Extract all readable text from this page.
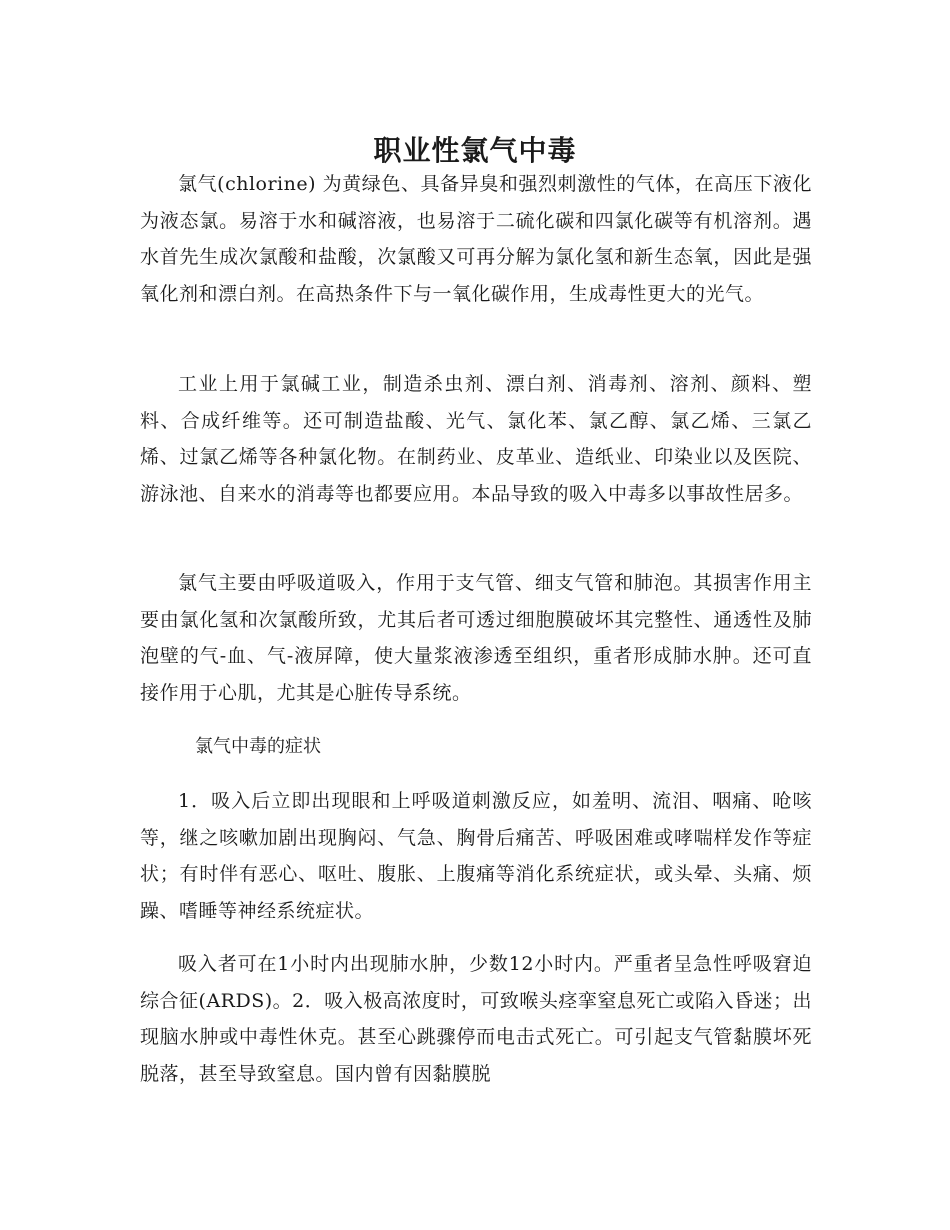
职业性氯气中毒

氯气(chlorine) 为黄绿色、具备异臭和强烈刺激性的气体，在高压下液化为液态氯。易溶于水和碱溶液，也易溶于二硫化碳和四氯化碳等有机溶剂。遇水首先生成次氯酸和盐酸，次氯酸又可再分解为氯化氢和新生态氧，因此是强氧化剂和漂白剂。在高热条件下与一氧化碳作用，生成毒性更大的光气。

工业上用于氯碱工业，制造杀虫剂、漂白剂、消毒剂、溶剂、颜料、塑料、合成纤维等。还可制造盐酸、光气、氯化苯、氯乙醇、氯乙烯、三氯乙烯、过氯乙烯等各种氯化物。在制药业、皮革业、造纸业、印染业以及医院、游泳池、自来水的消毒等也都要应用。本品导致的吸入中毒多以事故性居多。

氯气主要由呼吸道吸入，作用于支气管、细支气管和肺泡。其损害作用主要由氯化氢和次氯酸所致，尤其后者可透过细胞膜破坏其完整性、通透性及肺泡壁的气-血、气-液屏障，使大量浆液渗透至组织，重者形成肺水肿。还可直接作用于心肌，尤其是心脏传导系统。

氯气中毒的症状

1．吸入后立即出现眼和上呼吸道刺激反应，如羞明、流泪、咽痛、呛咳等，继之咳嗽加剧出现胸闷、气急、胸骨后痛苦、呼吸困难或哮喘样发作等症状；有时伴有恶心、呕吐、腹胀、上腹痛等消化系统症状，或头晕、头痛、烦躁、嗜睡等神经系统症状。

吸入者可在1小时内出现肺水肿，少数12小时内。严重者呈急性呼吸窘迫综合征(ARDS)。2．吸入极高浓度时，可致喉头痉挛窒息死亡或陷入昏迷；出现脑水肿或中毒性休克。甚至心跳骤停而电击式死亡。可引起支气管黏膜坏死脱落，甚至导致窒息。国内曾有因黏膜脱
